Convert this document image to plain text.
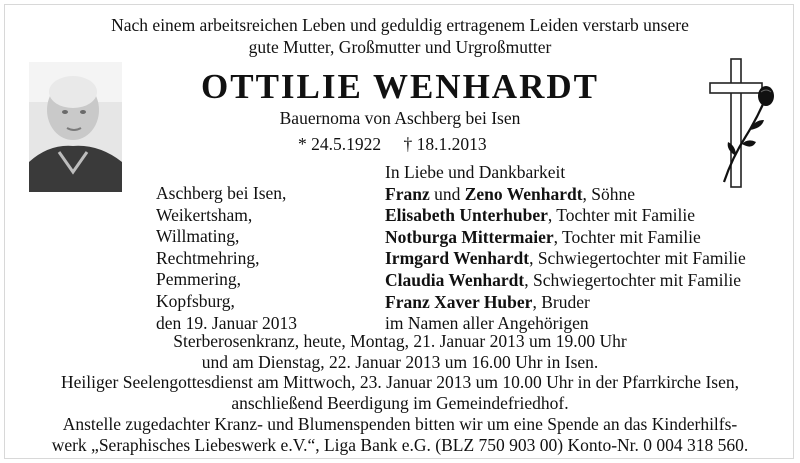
Nach einem arbeitsreichen Leben und geduldig ertragenem Leiden verstarb unsere
gute Mutter, Großmutter und Urgroßmutter
OTTILIE WENHARDT
Bauernoma von Aschberg bei Isen
* 24.5.1922 † 18.1.2013
Aschberg bei Isen,
Weikertsham,
Willmating,
Rechtmehring,
Pemmering,
Kopfsburg,
den 19. Januar 2013
In Liebe und Dankbarkeit
Franz und Zeno Wenhardt, Söhne
Elisabeth Unterhuber, Tochter mit Familie
Notburga Mittermaier, Tochter mit Familie
Irmgard Wenhardt, Schwiegertochter mit Familie
Claudia Wenhardt, Schwiegertochter mit Familie
Franz Xaver Huber, Bruder
im Namen aller Angehörigen
Sterberosenkranz, heute, Montag, 21. Januar 2013 um 19.00 Uhr
und am Dienstag, 22. Januar 2013 um 16.00 Uhr in Isen.
Heiliger Seelengottesdienst am Mittwoch, 23. Januar 2013 um 10.00 Uhr in der Pfarrkirche Isen,
anschließend Beerdigung im Gemeindefriedhof.
Anstelle zugedachter Kranz- und Blumenspenden bitten wir um eine Spende an das Kinderhilfs-
werk „Seraphisches Liebeswerk e.V.“, Liga Bank e.G. (BLZ 750 903 00) Konto-Nr. 0 004 318 560.
